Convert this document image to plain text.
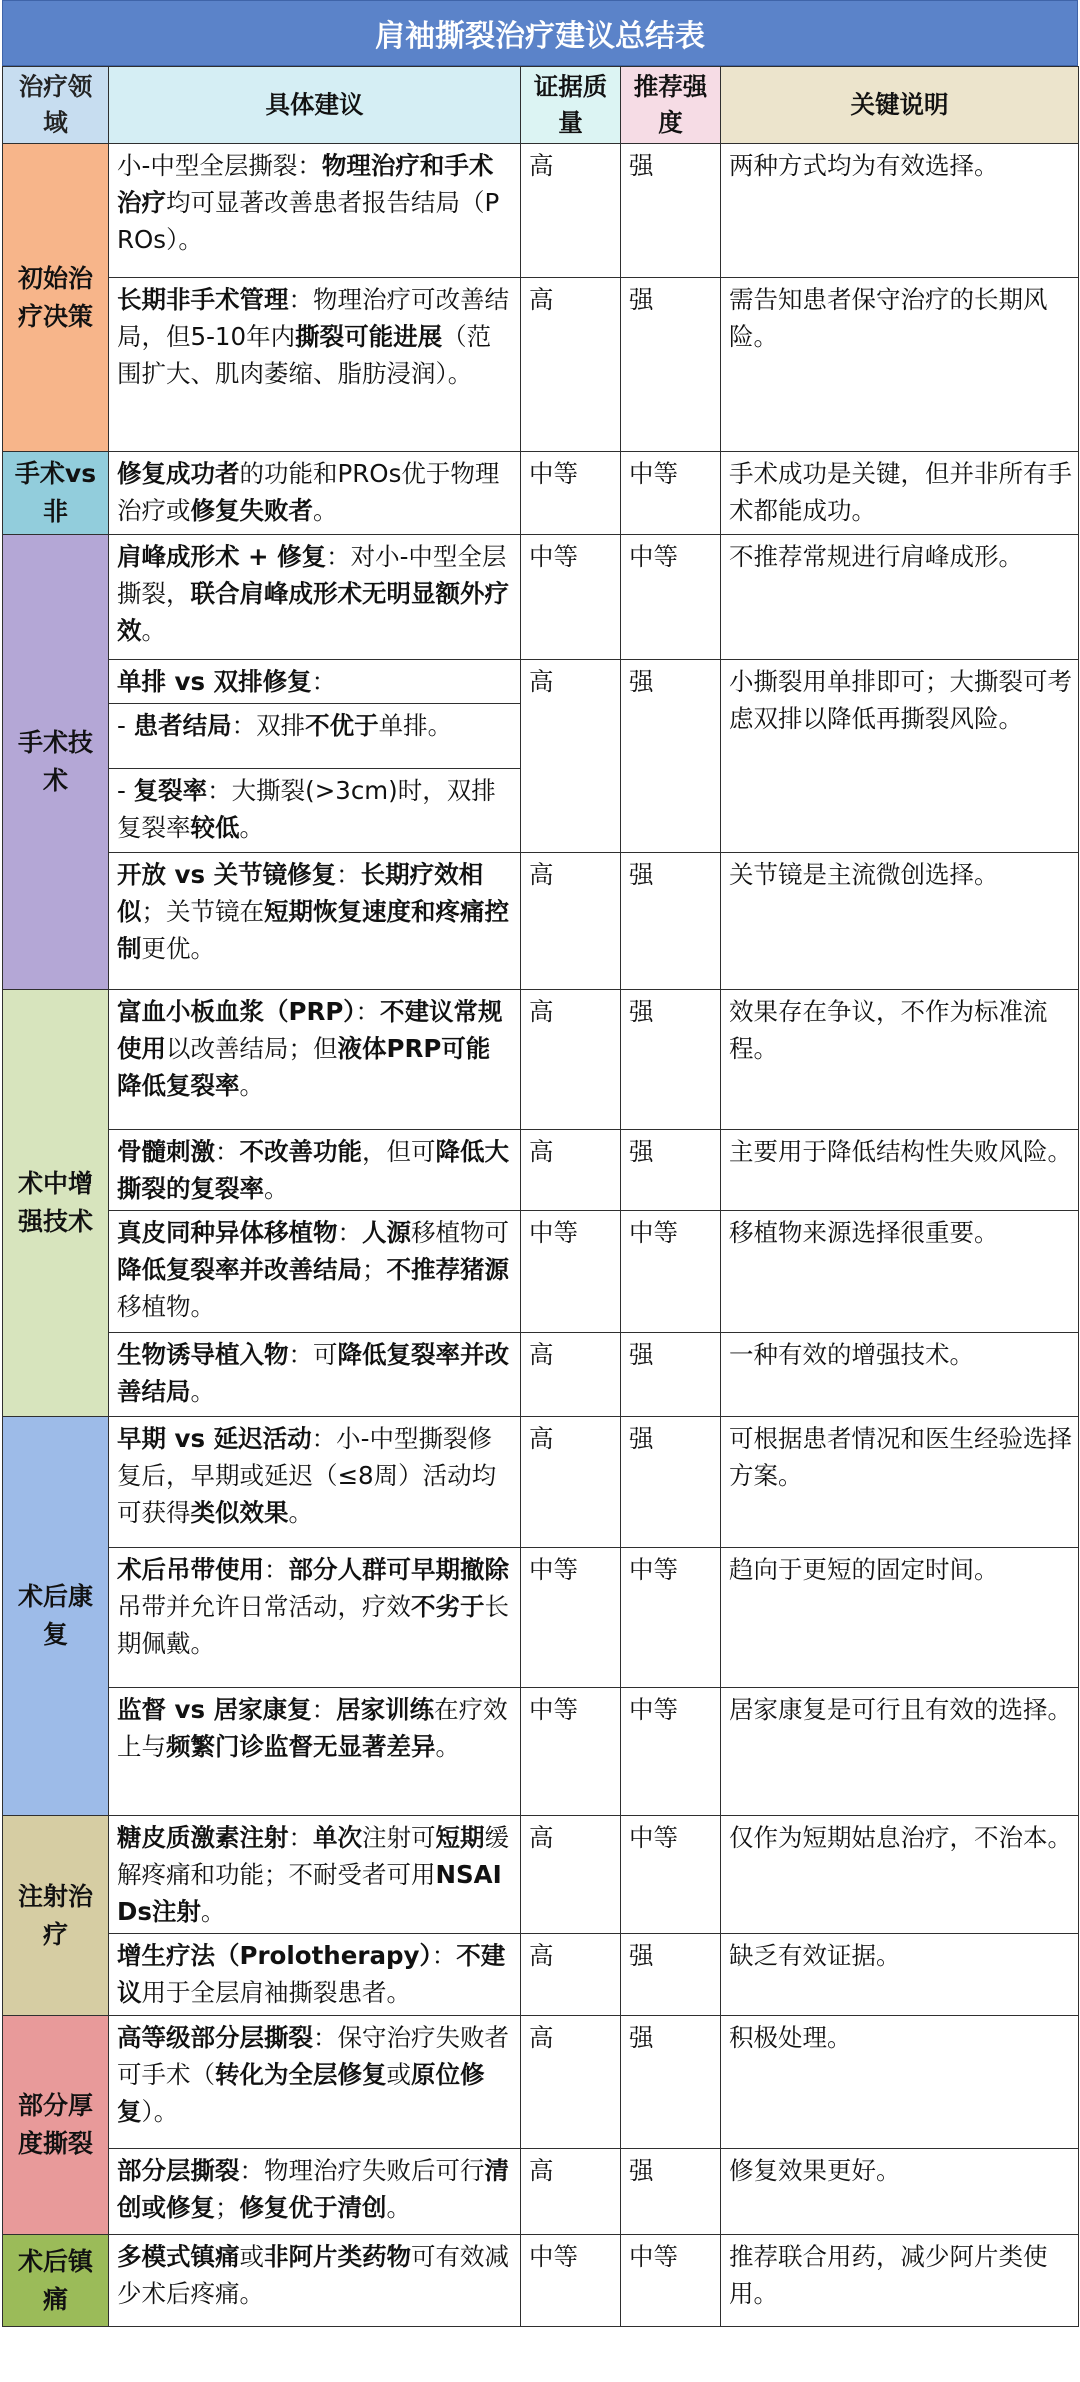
肩袖撕裂治疗建议总结表
治疗领域	具体建议	证据质量	推荐强度	关键说明
初始治疗决策	小-中型全层撕裂：物理治疗和手术治疗均可显著改善患者报告结局（PROs）。	高	强	两种方式均为有效选择。
	长期非手术管理：物理治疗可改善结局，但5-10年内撕裂可能进展（范围扩大、肌肉萎缩、脂肪浸润）。	高	强	需告知患者保守治疗的长期风险。
手术vs非	修复成功者的功能和PROs优于物理治疗或修复失败者。	中等	中等	手术成功是关键，但并非所有手术都能成功。
手术技术	肩峰成形术 + 修复：对小-中型全层撕裂，联合肩峰成形术无明显额外疗效。	中等	中等	不推荐常规进行肩峰成形。
	单排 vs 双排修复：	高	强	小撕裂用单排即可；大撕裂可考虑双排以降低再撕裂风险。
	- 患者结局：双排不优于单排。			
	- 复裂率：大撕裂(>3cm)时，双排复裂率较低。			
	开放 vs 关节镜修复：长期疗效相似；关节镜在短期恢复速度和疼痛控制更优。	高	强	关节镜是主流微创选择。
术中增强技术	富血小板血浆（PRP）：不建议常规使用以改善结局；但液体PRP可能降低复裂率。	高	强	效果存在争议，不作为标准流程。
	骨髓刺激：不改善功能，但可降低大撕裂的复裂率。	高	强	主要用于降低结构性失败风险。
	真皮同种异体移植物：人源移植物可降低复裂率并改善结局；不推荐猪源移植物。	中等	中等	移植物来源选择很重要。
	生物诱导植入物：可降低复裂率并改善结局。	高	强	一种有效的增强技术。
术后康复	早期 vs 延迟活动：小-中型撕裂修复后，早期或延迟（≤8周）活动均可获得类似效果。	高	强	可根据患者情况和医生经验选择方案。
	术后吊带使用：部分人群可早期撤除吊带并允许日常活动，疗效不劣于长期佩戴。	中等	中等	趋向于更短的固定时间。
	监督 vs 居家康复：居家训练在疗效上与频繁门诊监督无显著差异。	中等	中等	居家康复是可行且有效的选择。
注射治疗	糖皮质激素注射：单次注射可短期缓解疼痛和功能；不耐受者可用NSAIDs注射。	高	中等	仅作为短期姑息治疗，不治本。
	增生疗法（Prolotherapy）：不建议用于全层肩袖撕裂患者。	高	强	缺乏有效证据。
部分厚度撕裂	高等级部分层撕裂：保守治疗失败者可手术（转化为全层修复或原位修复）。	高	强	积极处理。
	部分层撕裂：物理治疗失败后可行清创或修复；修复优于清创。	高	强	修复效果更好。
术后镇痛	多模式镇痛或非阿片类药物可有效减少术后疼痛。	中等	中等	推荐联合用药，减少阿片类使用。
